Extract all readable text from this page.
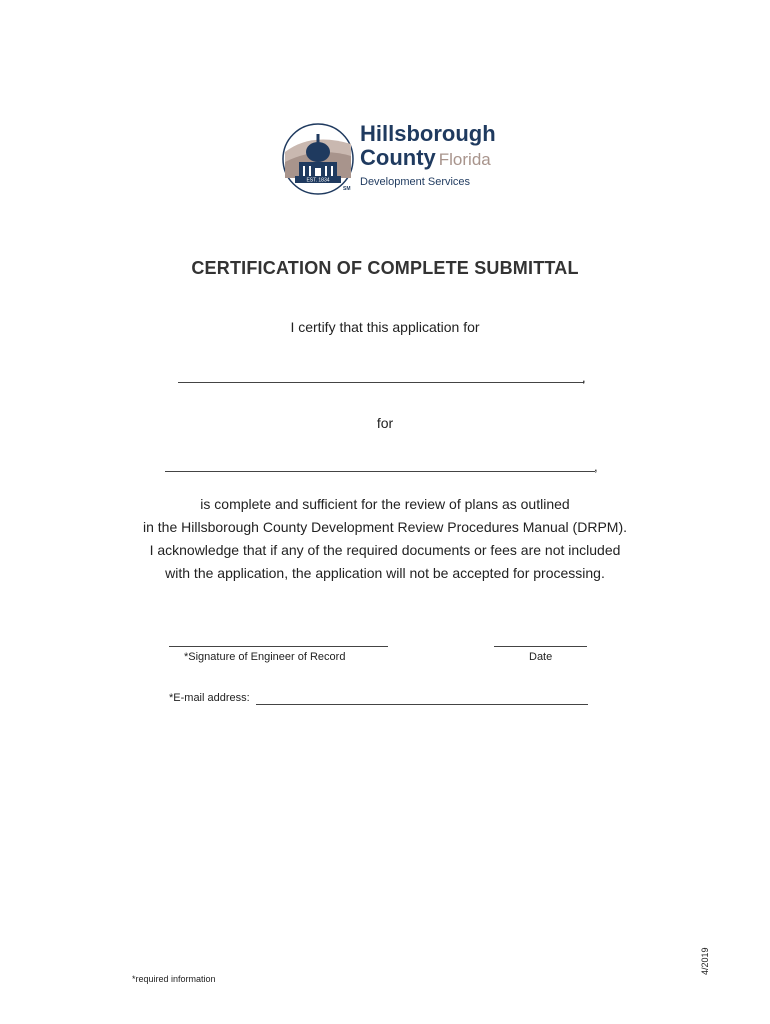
EST. 1834
SM
Hillsborough
County Florida
Development Services
CERTIFICATION OF COMPLETE SUBMITTAL
I certify that this application for
,
for
,
is complete and sufficient for the review of plans as outlined
in the Hillsborough County Development Review Procedures Manual (DRPM).
I acknowledge that if any of the required documents or fees are not included
with the application, the application will not be accepted for processing.
*Signature of Engineer of Record	Date
*E-mail address:
*required information
4/2019
